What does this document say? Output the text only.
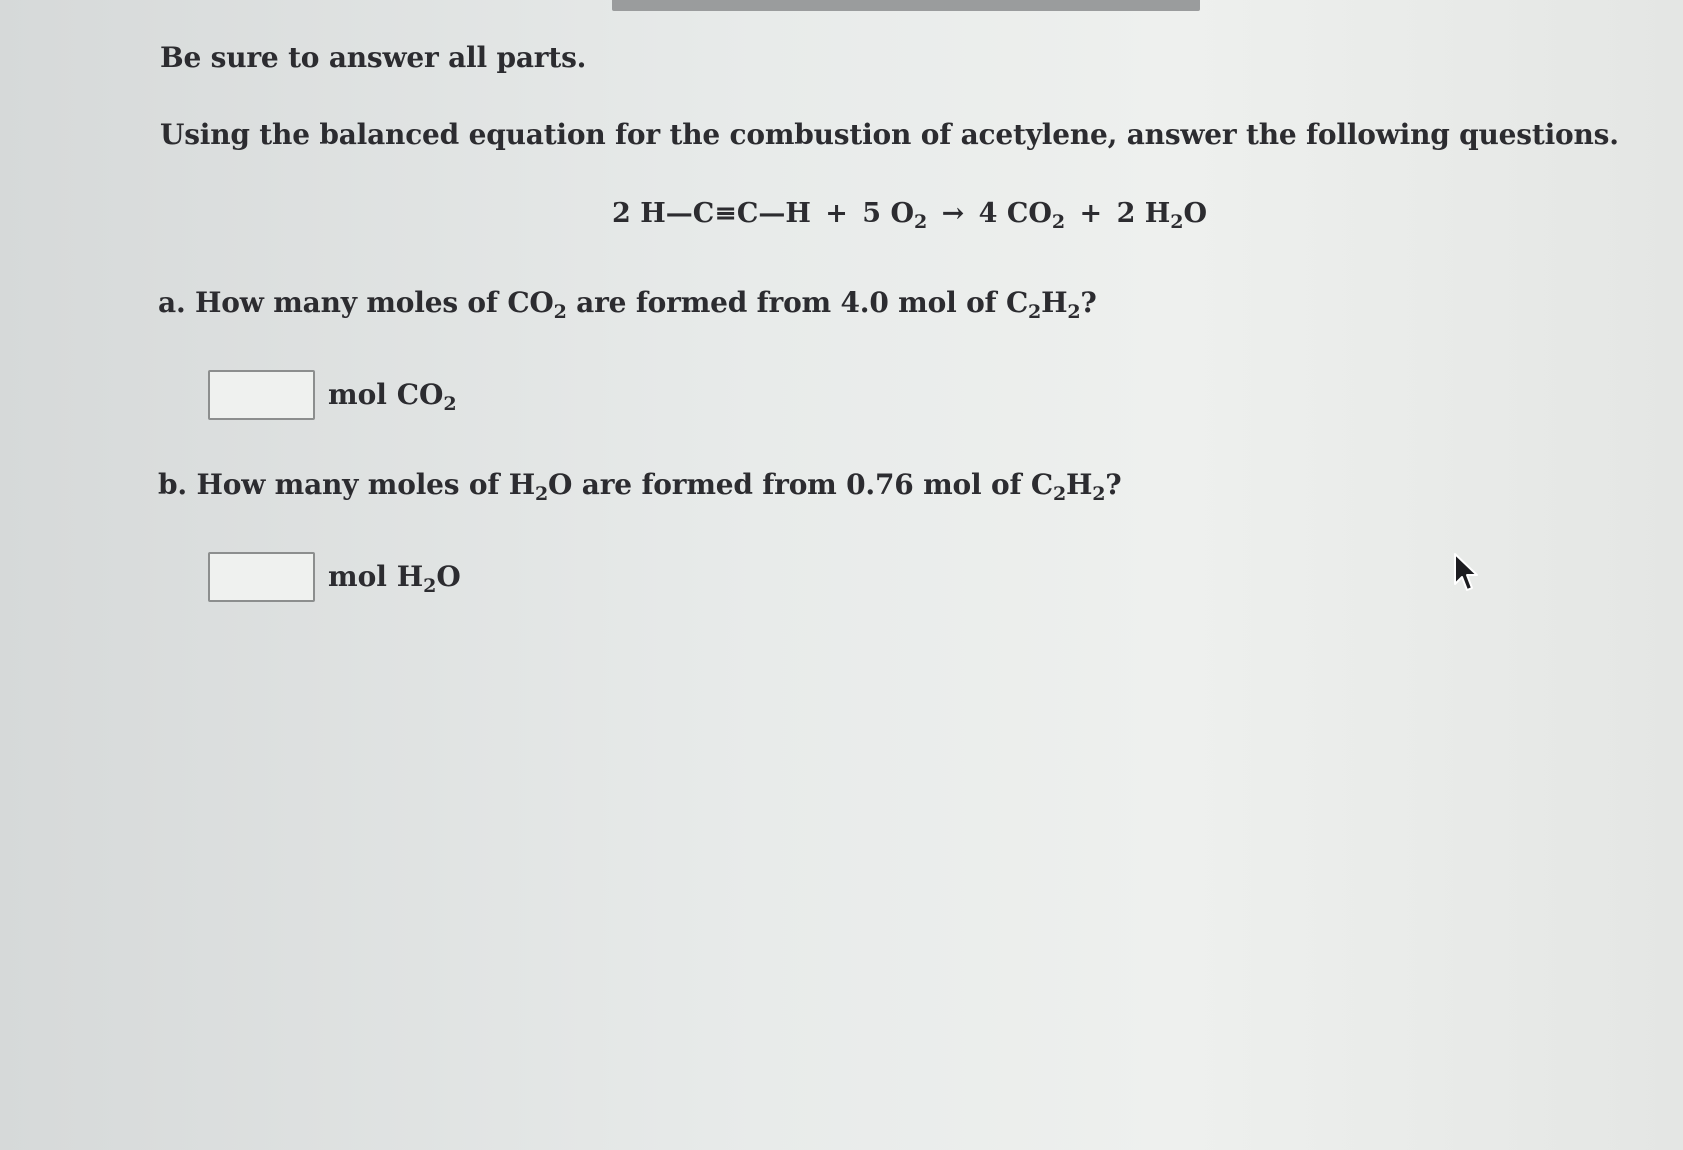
Be sure to answer all parts.
Using the balanced equation for the combustion of acetylene, answer the following questions.
2 H—C≡C—H + 5 $O_2 \to 4$ $CO_2 + 2$ $H_2O$
a. How many moles of $CO_2$ are formed from 4.0 mol of $C_2H_2$?
mol $CO_2$
b. How many moles of $H_2O$ are formed from 0.76 mol of $C_2H_2$?
mol $H_2O$
